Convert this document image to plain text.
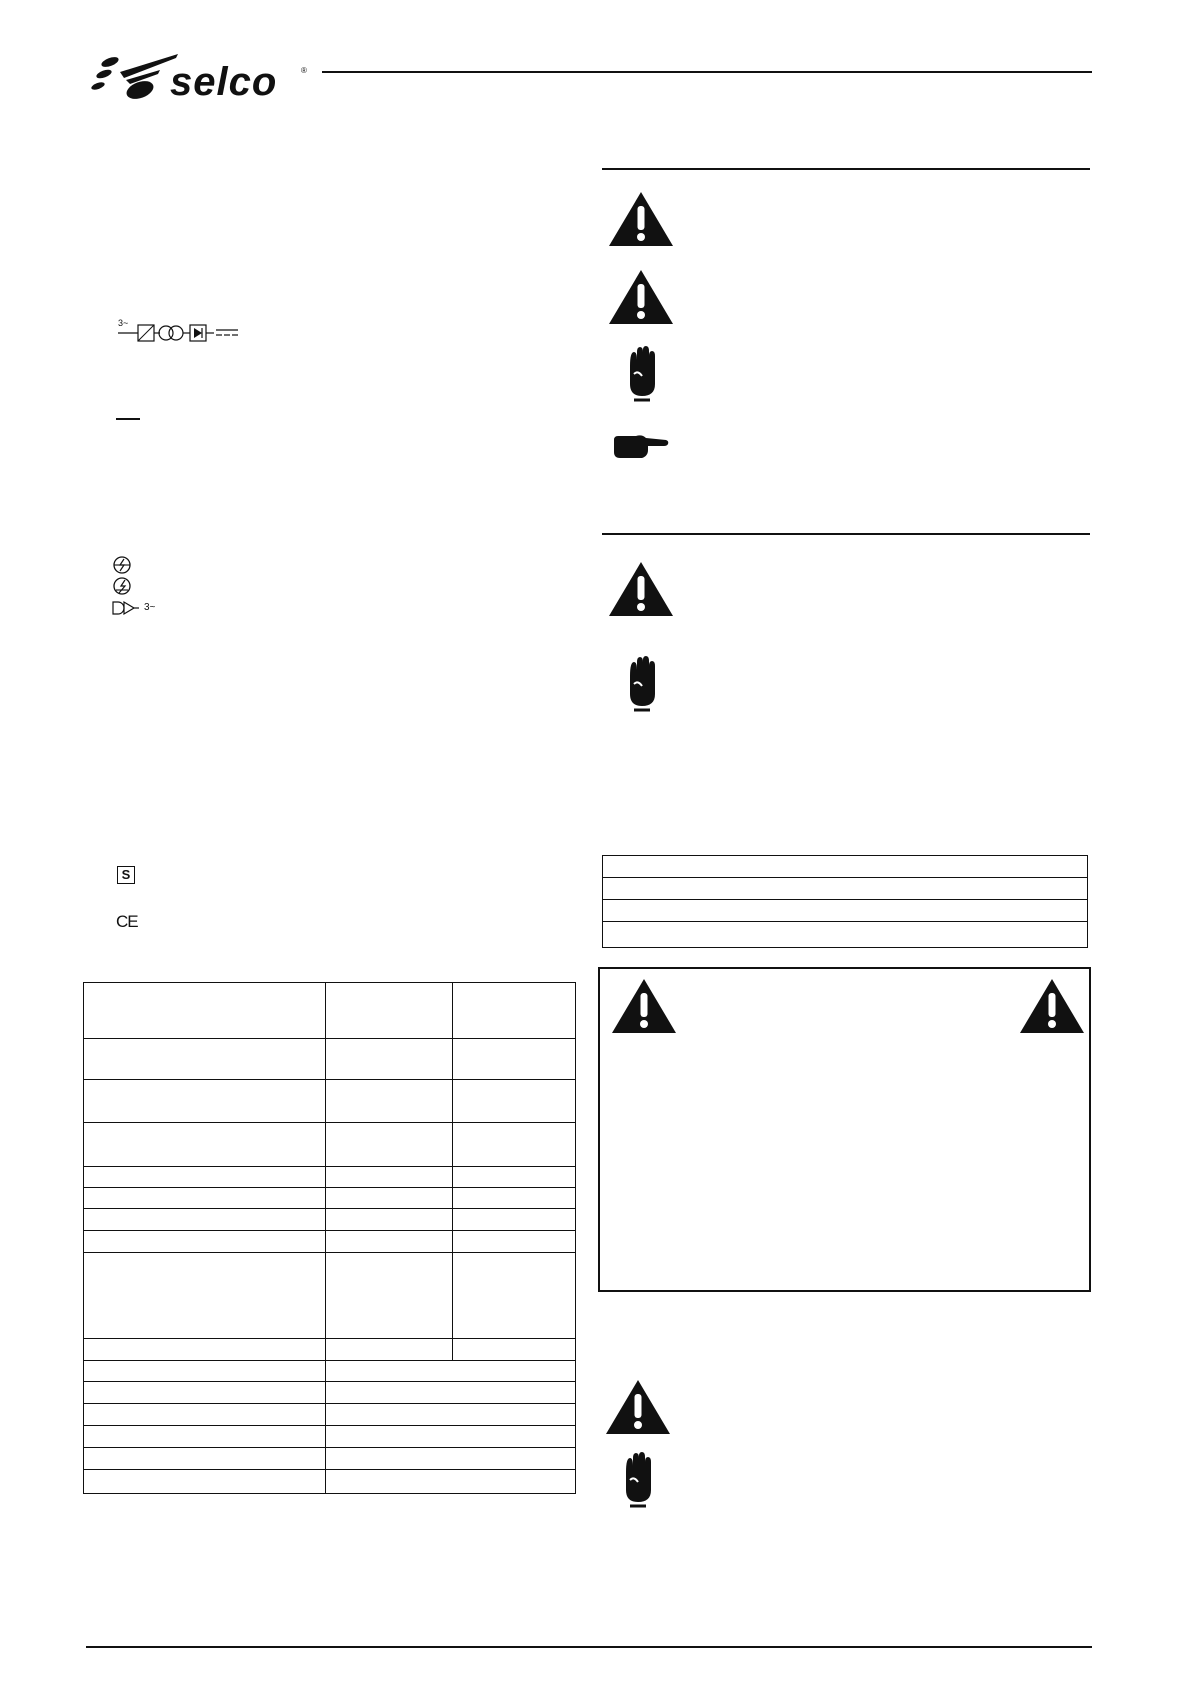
selco	®
3~
3~
S
CE
